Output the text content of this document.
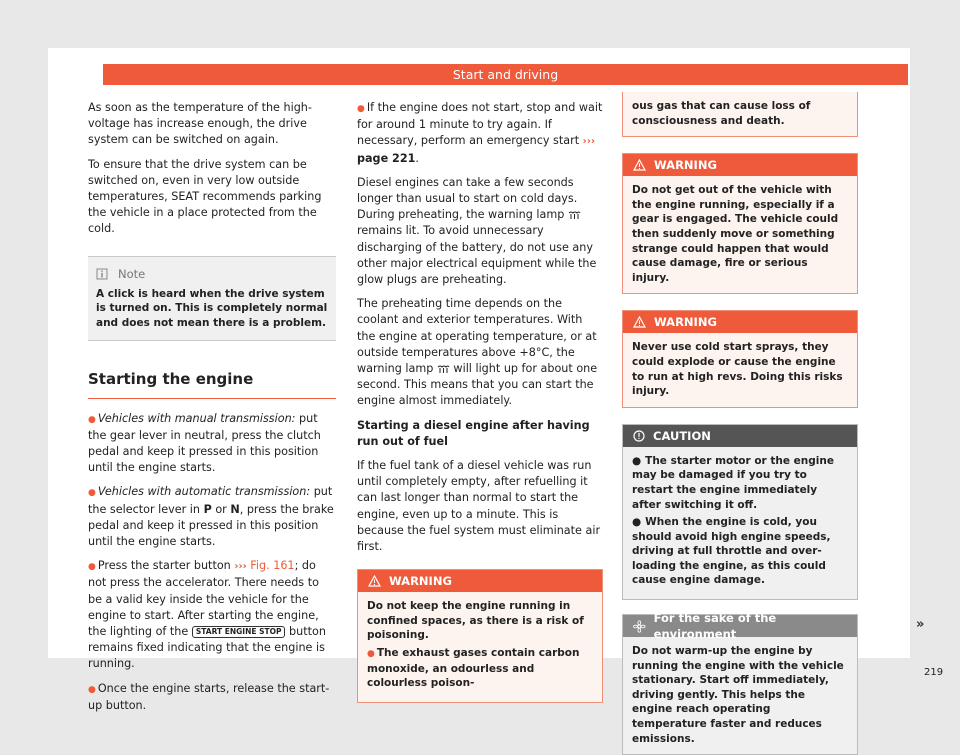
Start and driving

As soon as the temperature of the high-voltage has increase enough, the drive system can be switched on again.

To ensure that the drive system can be switched on, even in very low outside temperatures, SEAT recommends parking the vehicle in a place protected from the cold.

Note
A click is heard when the drive system is turned on. This is completely normal and does not mean there is a problem.
Starting the engine

● Vehicles with manual transmission: put the gear lever in neutral, press the clutch pedal and keep it pressed in this position until the engine starts.

● Vehicles with automatic transmission: put the selector lever in P or N, press the brake pedal and keep it pressed in this position until the engine starts.

● Press the starter button ››› Fig. 161; do not press the accelerator. There needs to be a valid key inside the vehicle for the engine to start. After starting the engine, the lighting of the START ENGINE STOP button remains fixed indicating that the engine is running.

● Once the engine starts, release the start-up button.

● If the engine does not start, stop and wait for around 1 minute to try again. If necessary, perform an emergency start ››› page 221.

Diesel engines can take a few seconds longer than usual to start on cold days. During preheating, the warning lamp  remains lit. To avoid unnecessary discharging of the battery, do not use any other major electrical equipment while the glow plugs are preheating.

The preheating time depends on the coolant and exterior temperatures. With the engine at operating temperature, or at outside temperatures above +8°C, the warning lamp  will light up for about one second. This means that you can start the engine almost immediately.

Starting a diesel engine after having run out of fuel

If the fuel tank of a diesel vehicle was run until completely empty, after refuelling it can last longer than normal to start the engine, even up to a minute. This is because the fuel system must eliminate air first.

WARNING

Do not keep the engine running in confined spaces, as there is a risk of poisoning.

● The exhaust gases contain carbon monoxide, an odourless and colourless poison-

ous gas that can cause loss of consciousness and death.
WARNING
Do not get out of the vehicle with the engine running, especially if a gear is engaged. The vehicle could then suddenly move or something strange could happen that would cause damage, fire or serious injury.
WARNING
Never use cold start sprays, they could explode or cause the engine to run at high revs. Doing this risks injury.
CAUTION

● The starter motor or the engine may be damaged if you try to restart the engine immediately after switching it off.

● When the engine is cold, you should avoid high engine speeds, driving at full throttle and over-loading the engine, as this could cause engine damage.

For the sake of the environment
Do not warm-up the engine by running the engine with the vehicle stationary. Start off immediately, driving gently. This helps the engine reach operating temperature faster and reduces emissions.
»
219
